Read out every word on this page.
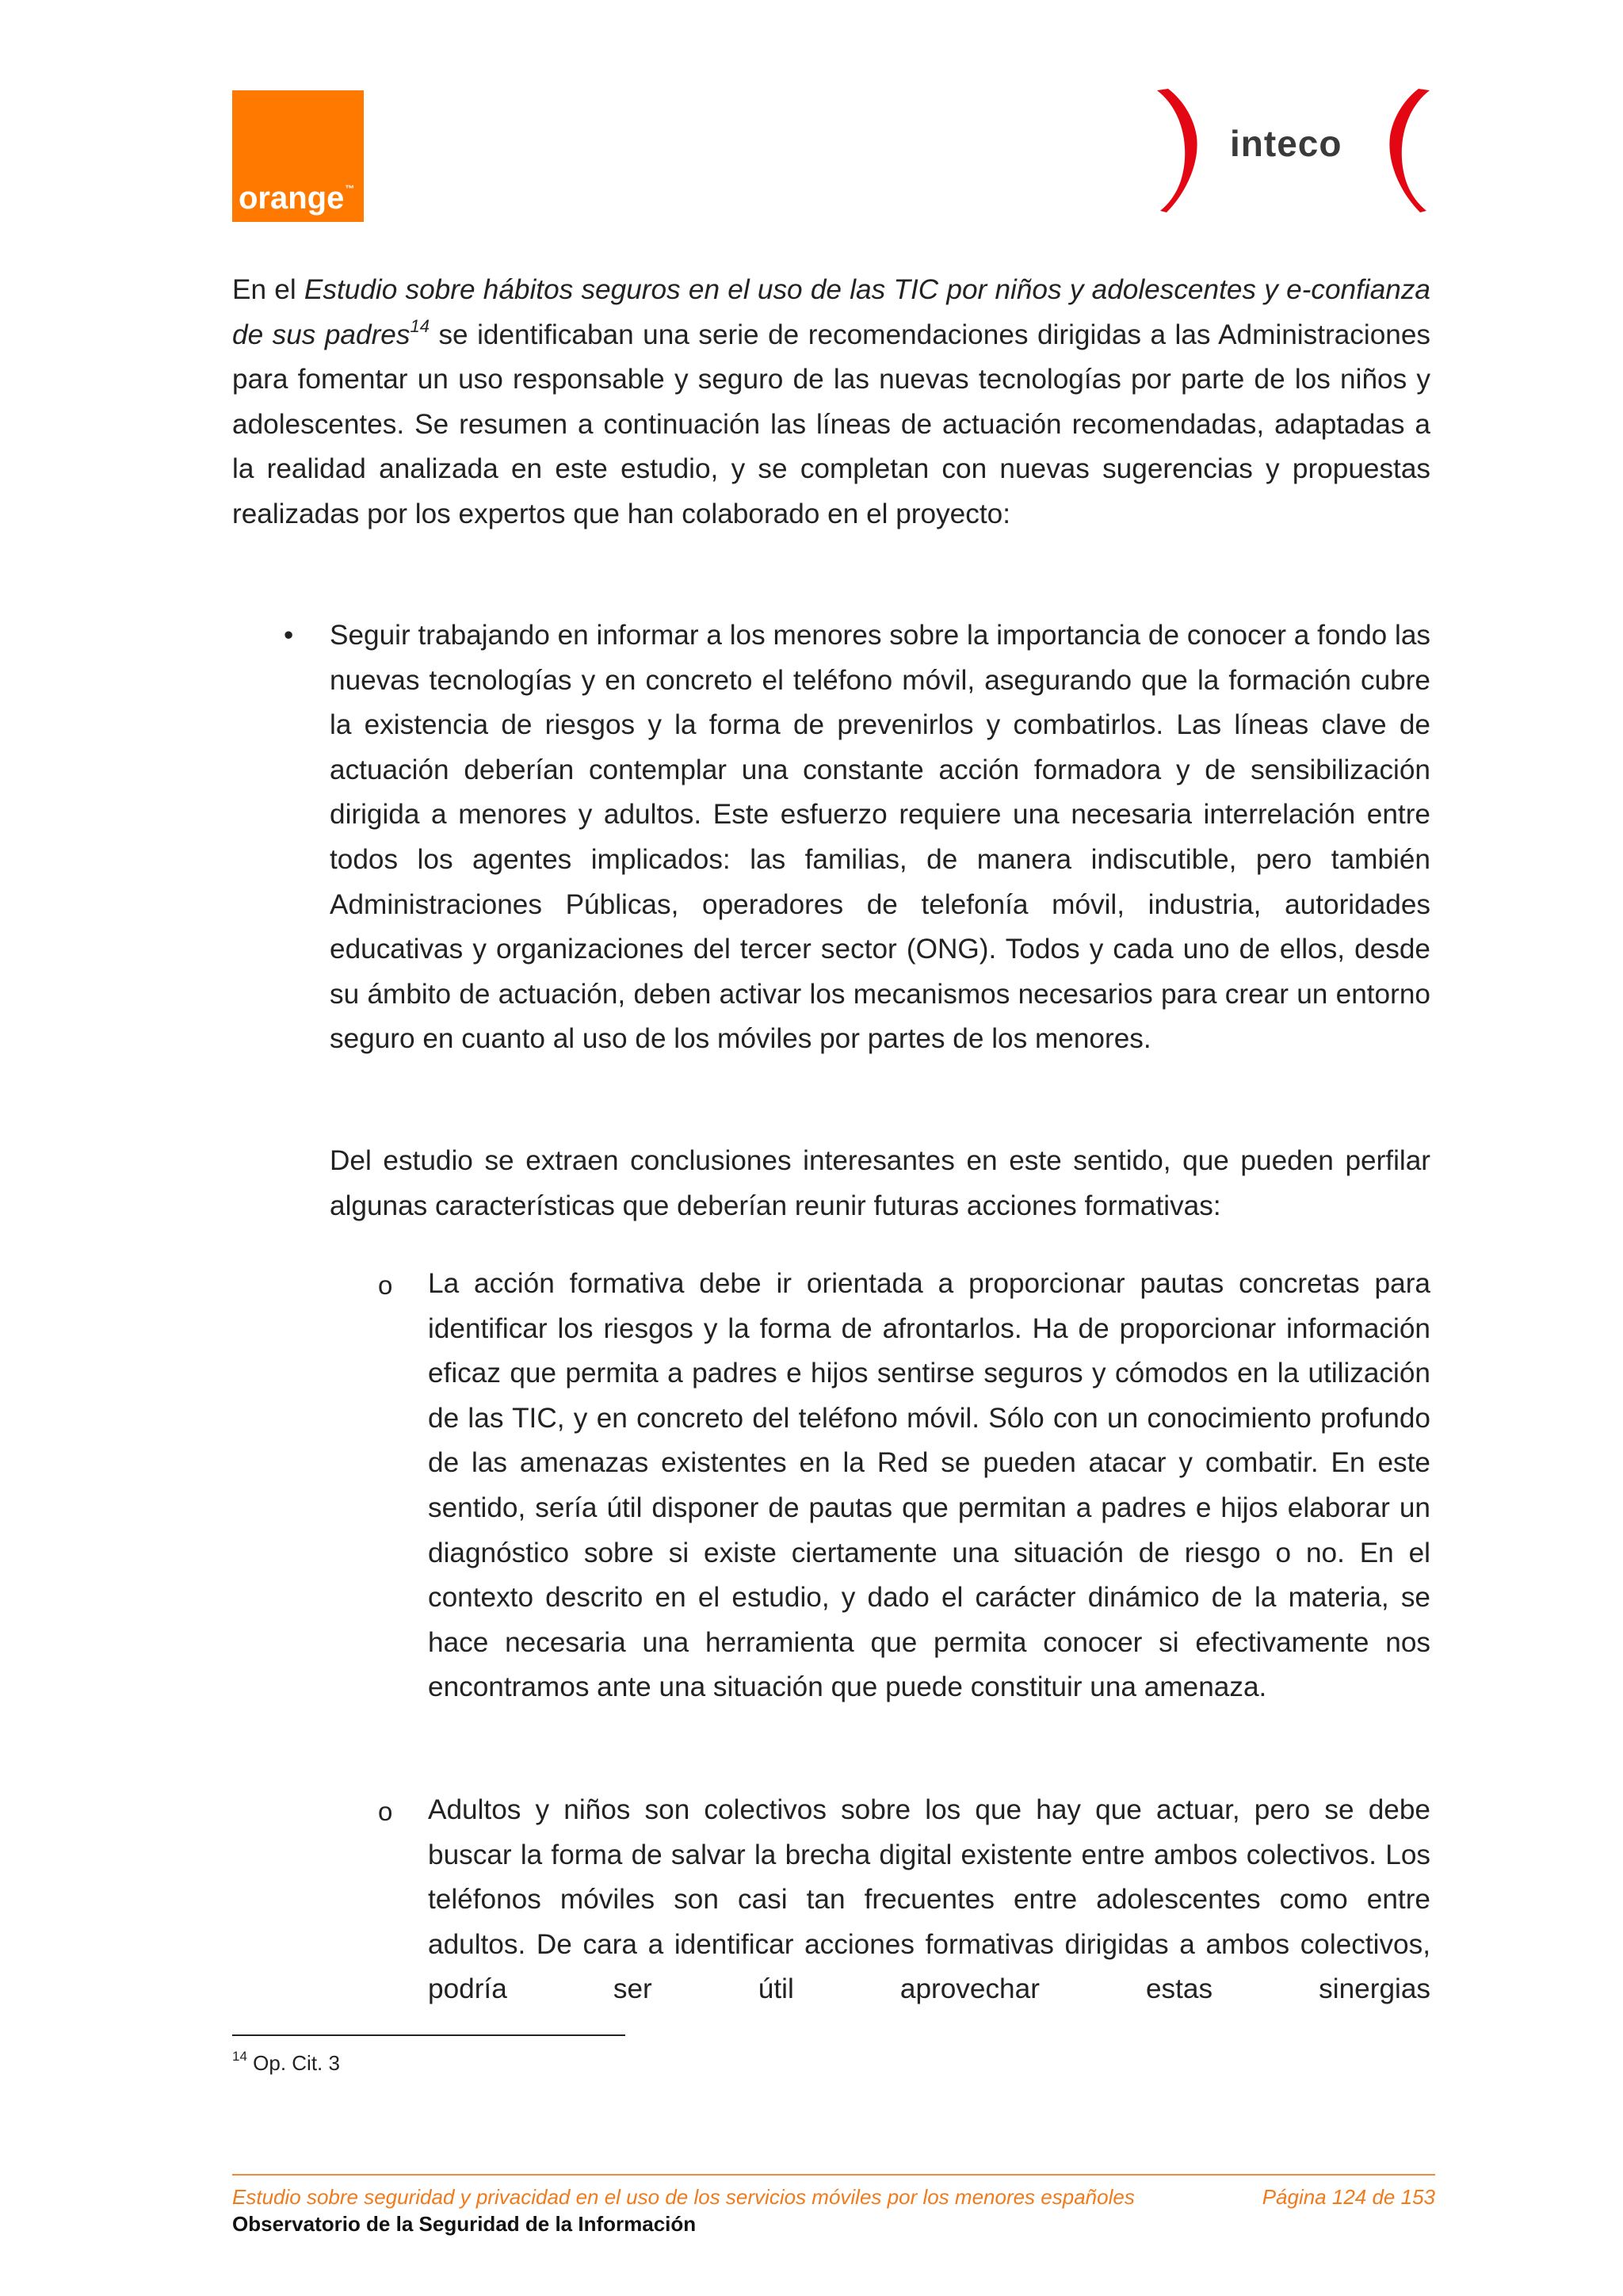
orange™
inteco

En el Estudio sobre hábitos seguros en el uso de las TIC por niños y adolescentes y e-confianza de sus padres$^{14}$ se identificaban una serie de recomendaciones dirigidas a las Administraciones para fomentar un uso responsable y seguro de las nuevas tecnologías por parte de los niños y adolescentes. Se resumen a continuación las líneas de actuación recomendadas, adaptadas a la realidad analizada en este estudio, y se completan con nuevas sugerencias y propuestas realizadas por los expertos que han colaborado en el proyecto:

• Seguir trabajando en informar a los menores sobre la importancia de conocer a fondo las nuevas tecnologías y en concreto el teléfono móvil, asegurando que la formación cubre la existencia de riesgos y la forma de prevenirlos y combatirlos. Las líneas clave de actuación deberían contemplar una constante acción formadora y de sensibilización dirigida a menores y adultos. Este esfuerzo requiere una necesaria interrelación entre todos los agentes implicados: las familias, de manera indiscutible, pero también Administraciones Públicas, operadores de telefonía móvil, industria, autoridades educativas y organizaciones del tercer sector (ONG). Todos y cada uno de ellos, desde su ámbito de actuación, deben activar los mecanismos necesarios para crear un entorno seguro en cuanto al uso de los móviles por partes de los menores.

Del estudio se extraen conclusiones interesantes en este sentido, que pueden perfilar algunas características que deberían reunir futuras acciones formativas:

o La acción formativa debe ir orientada a proporcionar pautas concretas para identificar los riesgos y la forma de afrontarlos. Ha de proporcionar información eficaz que permita a padres e hijos sentirse seguros y cómodos en la utilización de las TIC, y en concreto del teléfono móvil. Sólo con un conocimiento profundo de las amenazas existentes en la Red se pueden atacar y combatir. En este sentido, sería útil disponer de pautas que permitan a padres e hijos elaborar un diagnóstico sobre si existe ciertamente una situación de riesgo o no. En el contexto descrito en el estudio, y dado el carácter dinámico de la materia, se hace necesaria una herramienta que permita conocer si efectivamente nos encontramos ante una situación que puede constituir una amenaza.

o Adultos y niños son colectivos sobre los que hay que actuar, pero se debe buscar la forma de salvar la brecha digital existente entre ambos colectivos. Los teléfonos móviles son casi tan frecuentes entre adolescentes como entre adultos. De cara a identificar acciones formativas dirigidas a ambos colectivos, podría ser útil aprovechar estas sinergias

$^{14}$ Op. Cit. 3
Estudio sobre seguridad y privacidad en el uso de los servicios móviles por los menores españoles	Página 124 de 153
Observatorio de la Seguridad de la Información
